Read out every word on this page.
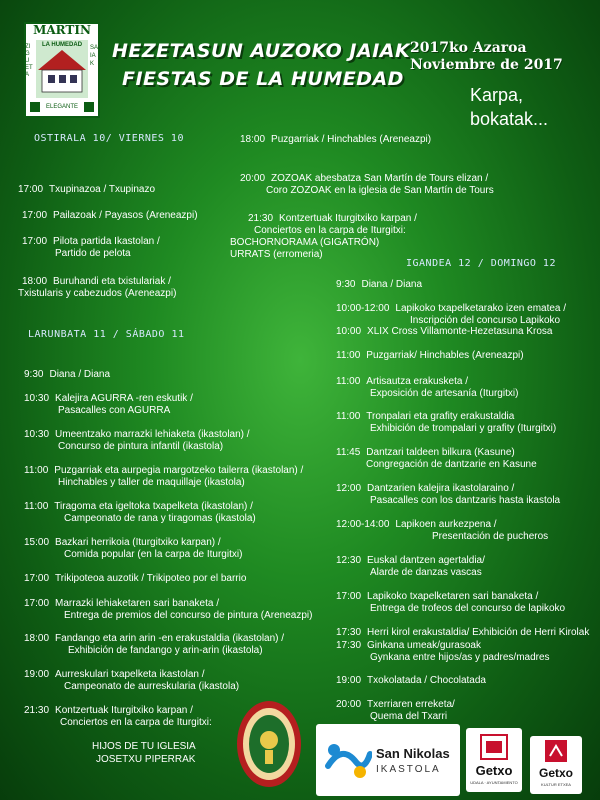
MARTIN
LA HUMEDAD
ZIGUETA
SAIAK
ELEGANTE
HEZETASUN AUZOKO JAIAK
FIESTAS DE LA HUMEDAD
2017ko Azaroa
Noviembre de 2017
Karpa,
bokatak...
OSTIRALA 10/ VIERNES 10
17:00 Txupinazoa / Txupinazo
17:00 Pailazoak / Payasos (Areneazpi)
17:00 Pilota partida Ikastolan /
Partido de pelota
18:00 Buruhandi eta txistulariak /
Txistularis y cabezudos (Areneazpi)
18:00 Puzgarriak / Hinchables (Areneazpi)
20:00 ZOZOAK abesbatza San Martín de Tours elizan /
Coro ZOZOAK en la iglesia de San Martín de Tours
21:30 Kontzertuak Iturgitxiko karpan /
Conciertos en la carpa de Iturgitxi:
BOCHORNORAMA (GIGATRÓN)
URRATS (erromeria)
LARUNBATA 11 / SÁBADO 11
9:30 Diana / Diana
10:30 Kalejira AGURRA -ren eskutik /
Pasacalles con AGURRA
10:30 Umeentzako marrazki lehiaketa (ikastolan) /
Concurso de pintura infantil (ikastola)
11:00 Puzgarriak eta aurpegia margotzeko tailerra (ikastolan) /
Hinchables y taller de maquillaje (ikastola)
11:00 Tiragoma eta igeltoka txapelketa (ikastolan) /
Campeonato de rana y tiragomas (ikastola)
15:00 Bazkari herrikoia (Iturgitxiko karpan) /
Comida popular (en la carpa de Iturgitxi)
17:00 Trikipoteoa auzotik / Trikipoteo por el barrio
17:00 Marrazki lehiaketaren sari banaketa /
Entrega de premios del concurso de pintura (Areneazpi)
18:00 Fandango eta arin arin -en erakustaldia (ikastolan) /
Exhibición de fandango y arin-arin (ikastola)
19:00 Aurreskulari txapelketa ikastolan /
Campeonato de aurreskularia (ikastola)
21:30 Kontzertuak Iturgitxiko karpan /
Conciertos en la carpa de Iturgitxi:
HIJOS DE TU IGLESIA
JOSETXU PIPERRAK
IGANDEA 12 / DOMINGO 12
9:30 Diana / Diana
10:00-12:00 Lapikoko txapelketarako izen ematea /
Inscripción del concurso Lapikoko
10:00 XLIX Cross Villamonte-Hezetasuna Krosa
11:00 Puzgarriak/ Hinchables (Areneazpi)
11:00 Artisautza erakusketa /
Exposición de artesanía (Iturgitxi)
11:00 Tronpalari eta grafity erakustaldia
Exhibición de trompalari y grafity (Iturgitxi)
11:45 Dantzari taldeen bilkura (Kasune)
Congregación de dantzarie en Kasune
12:00 Dantzarien kalejira ikastolaraino /
Pasacalles con los dantzaris hasta ikastola
12:00-14:00 Lapikoen aurkezpena /
Presentación de pucheros
12:30 Euskal dantzen agertaldia/
Alarde de danzas vascas
17:00 Lapikoko txapelketaren sari banaketa /
Entrega de trofeos del concurso de lapikoko
17:30 Herri kirol erakustaldia/ Exhibición de Herri Kirolak
17:30 Ginkana umeak/gurasoak
Gynkana entre hijos/as y padres/madres
19:00 Txokolatada / Chocolatada
20:00 Txerriaren erreketa/
Quema del Txarri
San Nikolas
IKASTOLA	Getxo
UDALA · AYUNTAMIENTO
Getxo
KULTUR ETXEA
